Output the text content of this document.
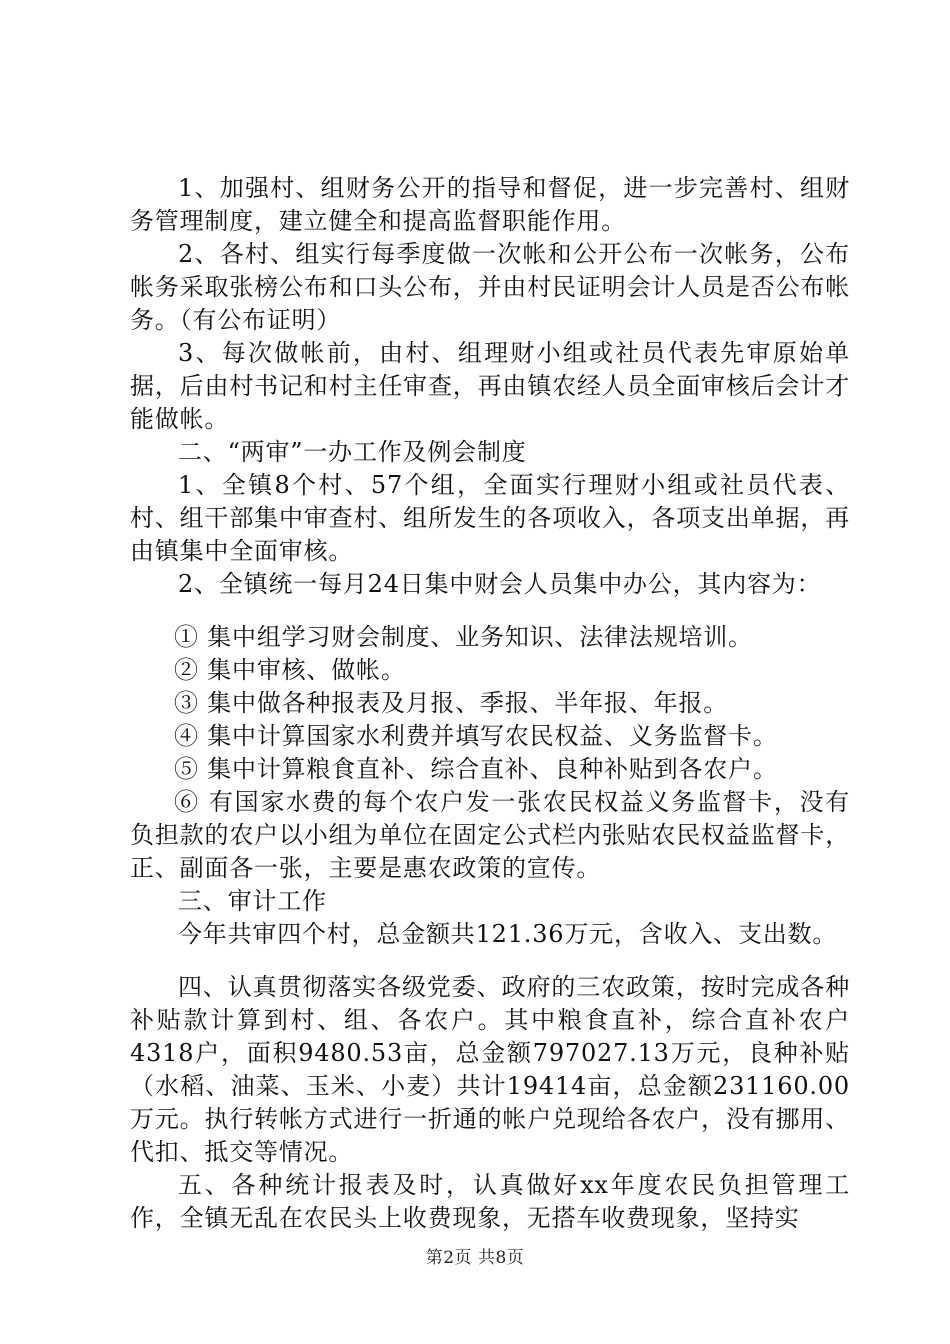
1、加强村、组财务公开的指导和督促，进一步完善村、组财务管理制度，建立健全和提高监督职能作用。

2、各村、组实行每季度做一次帐和公开公布一次帐务，公布帐务采取张榜公布和口头公布，并由村民证明会计人员是否公布帐务。（有公布证明）

3、每次做帐前，由村、组理财小组或社员代表先审原始单据，后由村书记和村主任审查，再由镇农经人员全面审核后会计才能做帐。

二、“两审”一办工作及例会制度

1、全镇8个村、57个组，全面实行理财小组或社员代表、村、组干部集中审查村、组所发生的各项收入，各项支出单据，再由镇集中全面审核。

2、全镇统一每月24日集中财会人员集中办公，其内容为：

① 集中组学习财会制度、业务知识、法律法规培训。

② 集中审核、做帐。

③ 集中做各种报表及月报、季报、半年报、年报。

④ 集中计算国家水利费并填写农民权益、义务监督卡。

⑤ 集中计算粮食直补、综合直补、良种补贴到各农户。

⑥ 有国家水费的每个农户发一张农民权益义务监督卡，没有负担款的农户以小组为单位在固定公式栏内张贴农民权益监督卡，正、副面各一张，主要是惠农政策的宣传。

三、审计工作

今年共审四个村，总金额共121.36万元，含收入、支出数。

四、认真贯彻落实各级党委、政府的三农政策，按时完成各种补贴款计算到村、组、各农户。其中粮食直补，综合直补农户4318户，面积9480.53亩，总金额797027.13万元，良种补贴（水稻、油菜、玉米、小麦）共计19414亩，总金额231160.00万元。执行转帐方式进行一折通的帐户兑现给各农户，没有挪用、代扣、抵交等情况。

五、各种统计报表及时，认真做好xx年度农民负担管理工作，全镇无乱在农民头上收费现象，无搭车收费现象，坚持实

第2页 共8页
